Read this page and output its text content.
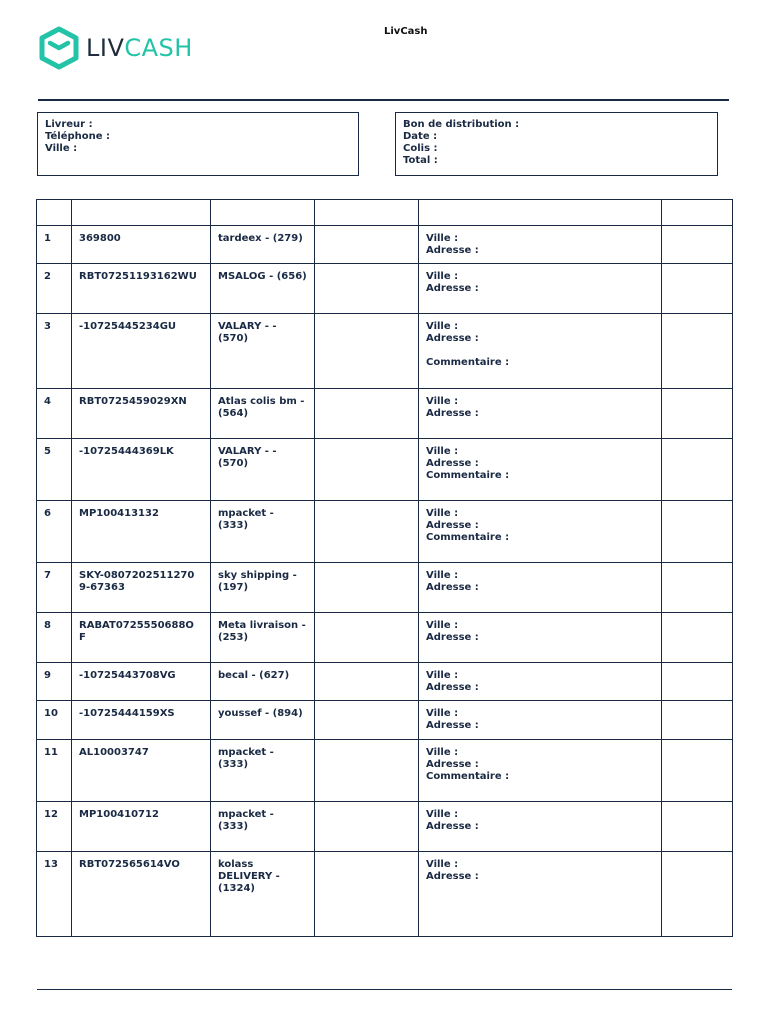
LIVCASH
LivCash
Livreur :
Téléphone :
Ville :
Bon de distribution :
Date :
Colis :
Total :

1	369800	tardeex - (279)		Ville :
Adresse :	

2	RBT07251193162WU	MSALOG - (656)		Ville :
Adresse :	

3	-10725445234GU	VALARY - - (570)		Ville :
Adresse :
Commentaire :	

4	RBT0725459029XN	Atlas colis bm - (564)		Ville :
Adresse :	

5	-10725444369LK	VALARY - - (570)		Ville :
Adresse :
Commentaire :	

6	MP100413132	mpacket - (333)		Ville :
Adresse :
Commentaire :	

7	SKY-0807202511270 9-67363	sky shipping - (197)		Ville :
Adresse :	

8	RABAT0725550688O F	Meta livraison - (253)		Ville :
Adresse :	

9	-10725443708VG	becal - (627)		Ville :
Adresse :	

10	-10725444159XS	youssef - (894)		Ville :
Adresse :	

11	AL10003747	mpacket - (333)		Ville :
Adresse :
Commentaire :	

12	MP100410712	mpacket - (333)		Ville :
Adresse :	

13	RBT072565614VO	kolass DELIVERY - (1324)		Ville :
Adresse :	
